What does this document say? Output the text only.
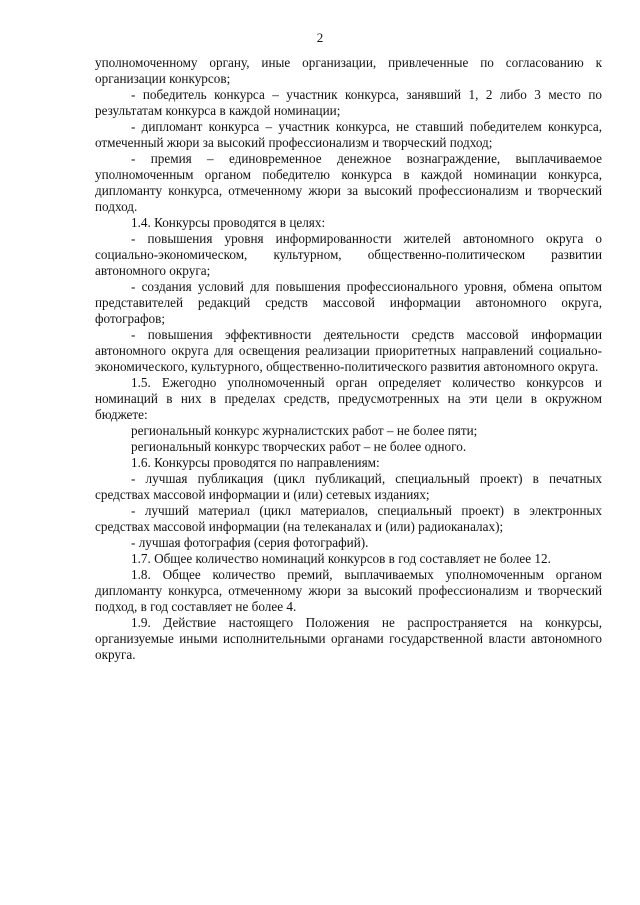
2

уполномоченному органу, иные организации, привлеченные по согласованию к организации конкурсов;

- победитель конкурса – участник конкурса, занявший 1, 2 либо 3 место по результатам конкурса в каждой номинации;

- дипломант конкурса – участник конкурса, не ставший победителем конкурса, отмеченный жюри за высокий профессионализм и творческий подход;

- премия – единовременное денежное вознаграждение, выплачиваемое уполномоченным органом победителю конкурса в каждой номинации конкурса, дипломанту конкурса, отмеченному жюри за высокий профессионализм и творческий подход.

1.4. Конкурсы проводятся в целях:

- повышения уровня информированности жителей автономного округа о социально-экономическом, культурном, общественно-политическом развитии автономного округа;

- создания условий для повышения профессионального уровня, обмена опытом представителей редакций средств массовой информации автономного округа, фотографов;

- повышения эффективности деятельности средств массовой информации автономного округа для освещения реализации приоритетных направлений социально-экономического, культурного, общественно-политического развития автономного округа.

1.5. Ежегодно уполномоченный орган определяет количество конкурсов и номинаций в них в пределах средств, предусмотренных на эти цели в окружном бюджете:

региональный конкурс журналистских работ – не более пяти;

региональный конкурс творческих работ – не более одного.

1.6. Конкурсы проводятся по направлениям:

- лучшая публикация (цикл публикаций, специальный проект) в печатных средствах массовой информации и (или) сетевых изданиях;

- лучший материал (цикл материалов, специальный проект) в электронных средствах массовой информации (на телеканалах и (или) радиоканалах);

- лучшая фотография (серия фотографий).

1.7. Общее количество номинаций конкурсов в год составляет не более 12.

1.8. Общее количество премий, выплачиваемых уполномоченным органом дипломанту конкурса, отмеченному жюри за высокий профессионализм и творческий подход, в год составляет не более 4.

1.9. Действие настоящего Положения не распространяется на конкурсы, организуемые иными исполнительными органами государственной власти автономного округа.
